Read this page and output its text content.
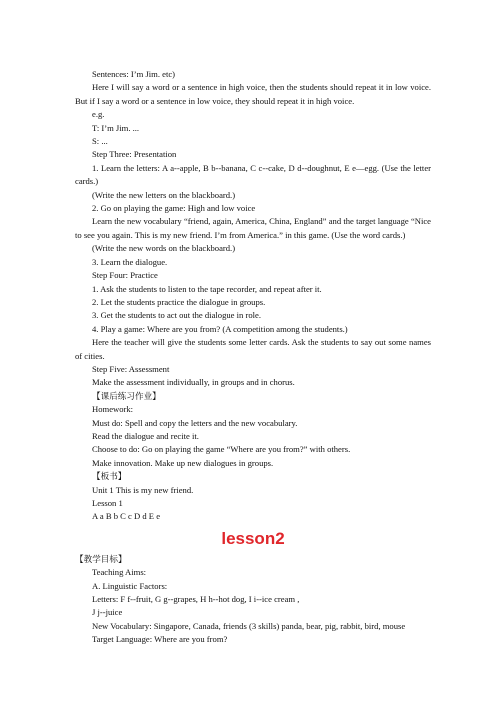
Sentences: I’m Jim. etc)
Here I will say a word or a sentence in high voice, then the students should repeat it in low voice. But if I say a word or a sentence in low voice, they should repeat it in high voice.
e.g.
T: I’m Jim. ...
S: ...
Step Three: Presentation
1. Learn the letters: A a--apple, B b--banana, C c--cake, D d--doughnut, E e—egg. (Use the letter cards.)
(Write the new letters on the blackboard.)
2. Go on playing the game: High and low voice
Learn the new vocabulary “friend, again, America, China, England” and the target language “Nice to see you again. This is my new friend. I’m from America.” in this game. (Use the word cards.)
(Write the new words on the blackboard.)
3. Learn the dialogue.
Step Four: Practice
1. Ask the students to listen to the tape recorder, and repeat after it.
2. Let the students practice the dialogue in groups.
3. Get the students to act out the dialogue in role.
4. Play a game: Where are you from? (A competition among the students.)
Here the teacher will give the students some letter cards. Ask the students to say out some names of cities.
Step Five: Assessment
Make the assessment individually, in groups and in chorus.
【课后练习作业】
Homework:
Must do: Spell and copy the letters and the new vocabulary.
Read the dialogue and recite it.
Choose to do: Go on playing the game “Where are you from?” with others.
Make innovation. Make up new dialogues in groups.
【板书】
Unit 1 This is my new friend.
Lesson 1
A a B b C c D d E e
lesson2
【教学目标】
Teaching Aims:
A. Linguistic Factors:
Letters: F f--fruit, G g--grapes, H h--hot dog, I i--ice cream ,
J j--juice
New Vocabulary: Singapore, Canada, friends (3 skills) panda, bear, pig, rabbit, bird, mouse
Target Language: Where are you from?
